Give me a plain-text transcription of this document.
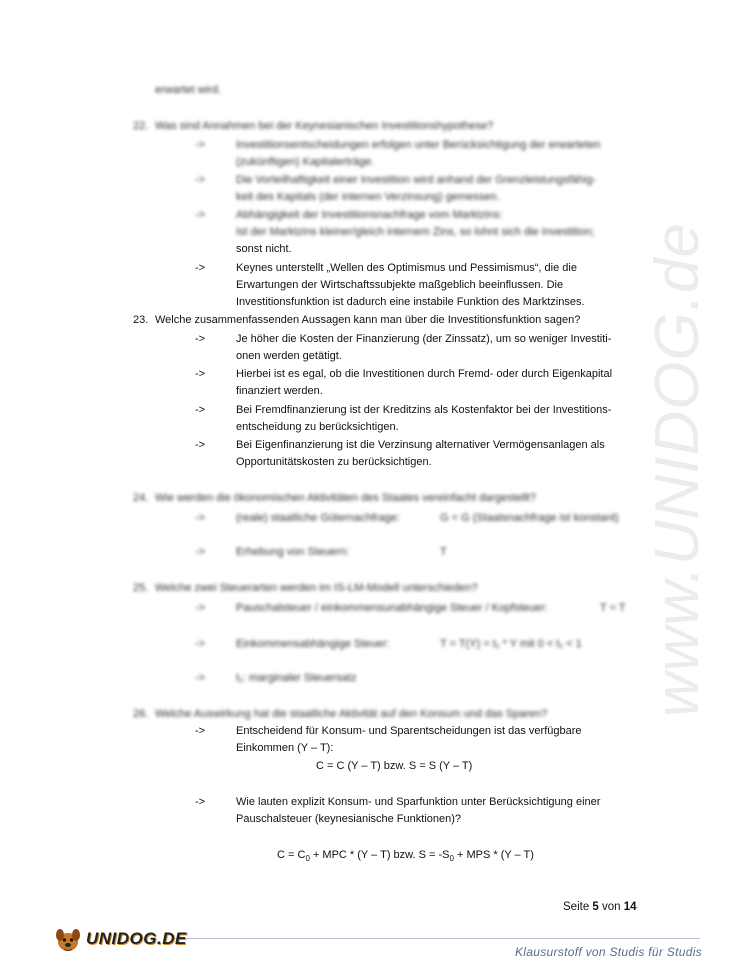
www.UNIDOG.de
erwartet wird.
22. Was sind Annahmen bei der Keynesianischen Investitionshypothese?
->	Investitionsentscheidungen erfolgen unter Berücksichtigung der erwarteten
(zukünftigen) Kapitalerträge.
->	Die Vorteilhaftigkeit einer Investition wird anhand der Grenzleistungsfähig-
keit des Kapitals (der internen Verzinsung) gemessen.
->	Abhängigkeit der Investitionsnachfrage vom Marktzins:
Ist der Marktzins kleiner/gleich internem Zins, so lohnt sich die Investition;
sonst nicht.
->	Keynes unterstellt „Wellen des Optimismus und Pessimismus“, die die
Erwartungen der Wirtschaftssubjekte maßgeblich beeinflussen. Die
Investitionsfunktion ist dadurch eine instabile Funktion des Marktzinses.
23. Welche zusammenfassenden Aussagen kann man über die Investitionsfunktion sagen?
->	Je höher die Kosten der Finanzierung (der Zinssatz), um so weniger Investiti-
onen werden getätigt.
->	Hierbei ist es egal, ob die Investitionen durch Fremd- oder durch Eigenkapital
finanziert werden.
->	Bei Fremdfinanzierung ist der Kreditzins als Kostenfaktor bei der Investitions-
entscheidung zu berücksichtigen.
->	Bei Eigenfinanzierung ist die Verzinsung alternativer Vermögensanlagen als
Opportunitätskosten zu berücksichtigen.
24. Wie werden die ökonomischen Aktivitäten des Staates vereinfacht dargestellt?
->	(reale) staatliche Güternachfrage:	G = G (Staatsnachfrage ist konstant)
->	Erhebung von Steuern:	T
25. Welche zwei Steuerarten werden im IS-LM-Modell unterschieden?
->	Pauschalsteuer / einkommensunabhängige Steuer / Kopfsteuer:	T = T
->	Einkommensabhängige Steuer:	T = T(Y) = t₁ * Y mit 0 < t₁ < 1
->	t₁: marginaler Steuersatz
26. Welche Auswirkung hat die staatliche Aktivität auf den Konsum und das Sparen?
->	Entscheidend für Konsum- und Sparentscheidungen ist das verfügbare
Einkommen (Y – T):
C = C (Y – T) bzw. S = S (Y – T)
->	Wie lauten explizit Konsum- und Sparfunktion unter Berücksichtigung einer
Pauschalsteuer (keynesianische Funktionen)?
$C = C_0$ + MPC * (Y – T) bzw. $S = -S_0$ + MPS * (Y – T)
Seite 5 von 14
UNIDOG.DE
Klausurstoff von Studis für Studis
